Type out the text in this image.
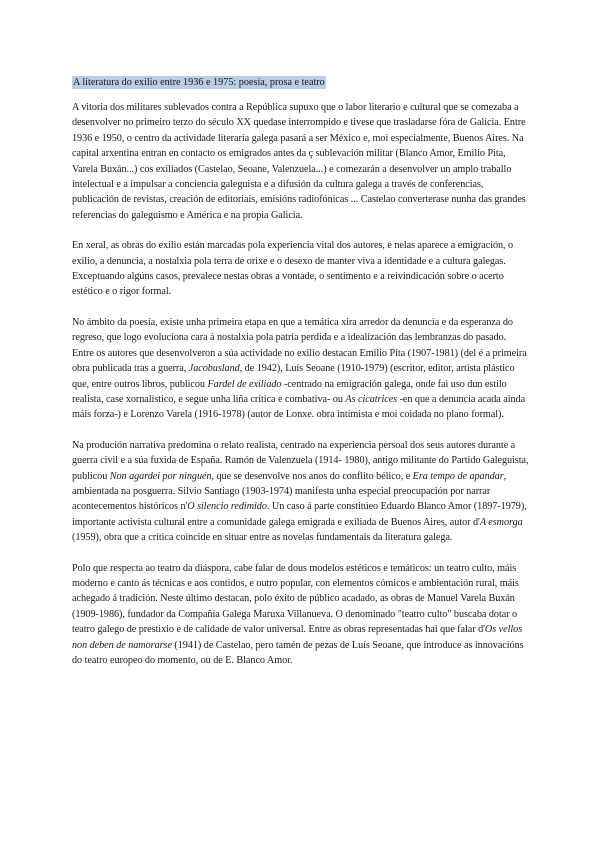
A literatura do exilio entre 1936 e 1975: poesía, prosa e teatro

A vitoria dos militares sublevados contra a República supuxo que o labor literario e cultural que se comezaba a desenvolver no primeiro terzo do século XX quedase interrompido e tivese que trasladarse fóra de Galicia. Entre 1936 e 1950, o centro da actividade literaria galega pasará a ser México e, moi especialmente, Buenos Aires. Na capital arxentina entran en contacto os emigrados antes da ç sublevación militar (Blanco Amor, Emilio Pita, Varela Buxán...) cos exiliados (Castelao, Seoane, Valenzuela...) e comezarán a desenvolver un amplo traballo intelectual e a impulsar a conciencia galeguista e a difusión da cultura galega a través de conferencias, publicación de revistas, creación de editoriais, emisións radiofónicas ... Castelao converterase nunha das grandes referencias do galeguismo e América e na propia Galicia.

En xeral, as obras do exilio están marcadas pola experiencia vital dos autores, e nelas aparece a emigración, o exilio, a denuncia, a nostalxia pola terra de orixe e o desexo de manter viva a identidade e a cultura galegas. Exceptuando algúns casos, prevalece nestas obras a vontade, o sentimento e a reivindicación sobre o acerto estético e o rigor formal.

No ámbito da poesía, existe unha primeira etapa en que a temática xira arredor da denuncia e da esperanza do regreso, que logo evoluciona cara á nostalxia pola patria perdida e a idealización das lembranzas do pasado. Entre os autores que desenvolveron a súa actividade no exilio destacan Emilio Pita (1907-1981) (del é a primeira obra publicada tras a guerra, Jacobusland, de 1942), Luís Seoane (1910-1979) (escritor, editor, artista plástico que, entre outros libros, publicou Fardel de exiliado -centrado na emigración galega, onde fai uso dun estilo realista, case xornalístico, e segue unha liña crítica e combativa- ou As cicatrices -en que a denuncia acada aínda máis forza-) e Lorenzo Varela (1916-1978) (autor de Lonxe. obra intimista e moi coidada no plano formal).

Na produción narrativa predomina o relato realista, centrado na experiencia persoal dos seus autores durante a guerra civil e a súa fuxida de España. Ramón de Valenzuela (1914- 1980), antigo militante do Partido Galeguista, publicou Non agardei por ninguén, que se desenvolve nos anos do conflito bélico, e Era tempo de apandar, ambientada na posguerra. Silvio Santiago (1903-1974) manifesta unha especial preocupación por narrar acontecementos históricos n'O silencio redimido. Un caso á parte constitúeo Eduardo Blanco Amor (1897-1979), importante activista cultural entre a comunidade galega emigrada e exiliada de Buenos Aires, autor d'A esmorga (1959), obra que a crítica coincide en situar entre as novelas fundamentais da literatura galega.

Polo que respecta ao teatro da diáspora, cabe falar de dous modelos estéticos e temáticos: un teatro culto, máis moderno e canto ás técnicas e aos contidos, e outro popular, con elementos cómicos e ambientación rural, máis achegado á tradición. Neste último destacan, polo éxito de público acadado, as obras de Manuel Varela Buxán (1909-1986), fundador da Compañía Galega Maruxa Villanueva. O denominado "teatro culto" buscaba dotar o teatro galego de prestixio e de calidade de valor universal. Entre as obras representadas hai que falar d'Os vellos non deben de namorarse (1941) de Castelao, pero tamén de pezas de Luís Seoane, que introduce as innovacións do teatro europeo do momento, ou de E. Blanco Amor.
